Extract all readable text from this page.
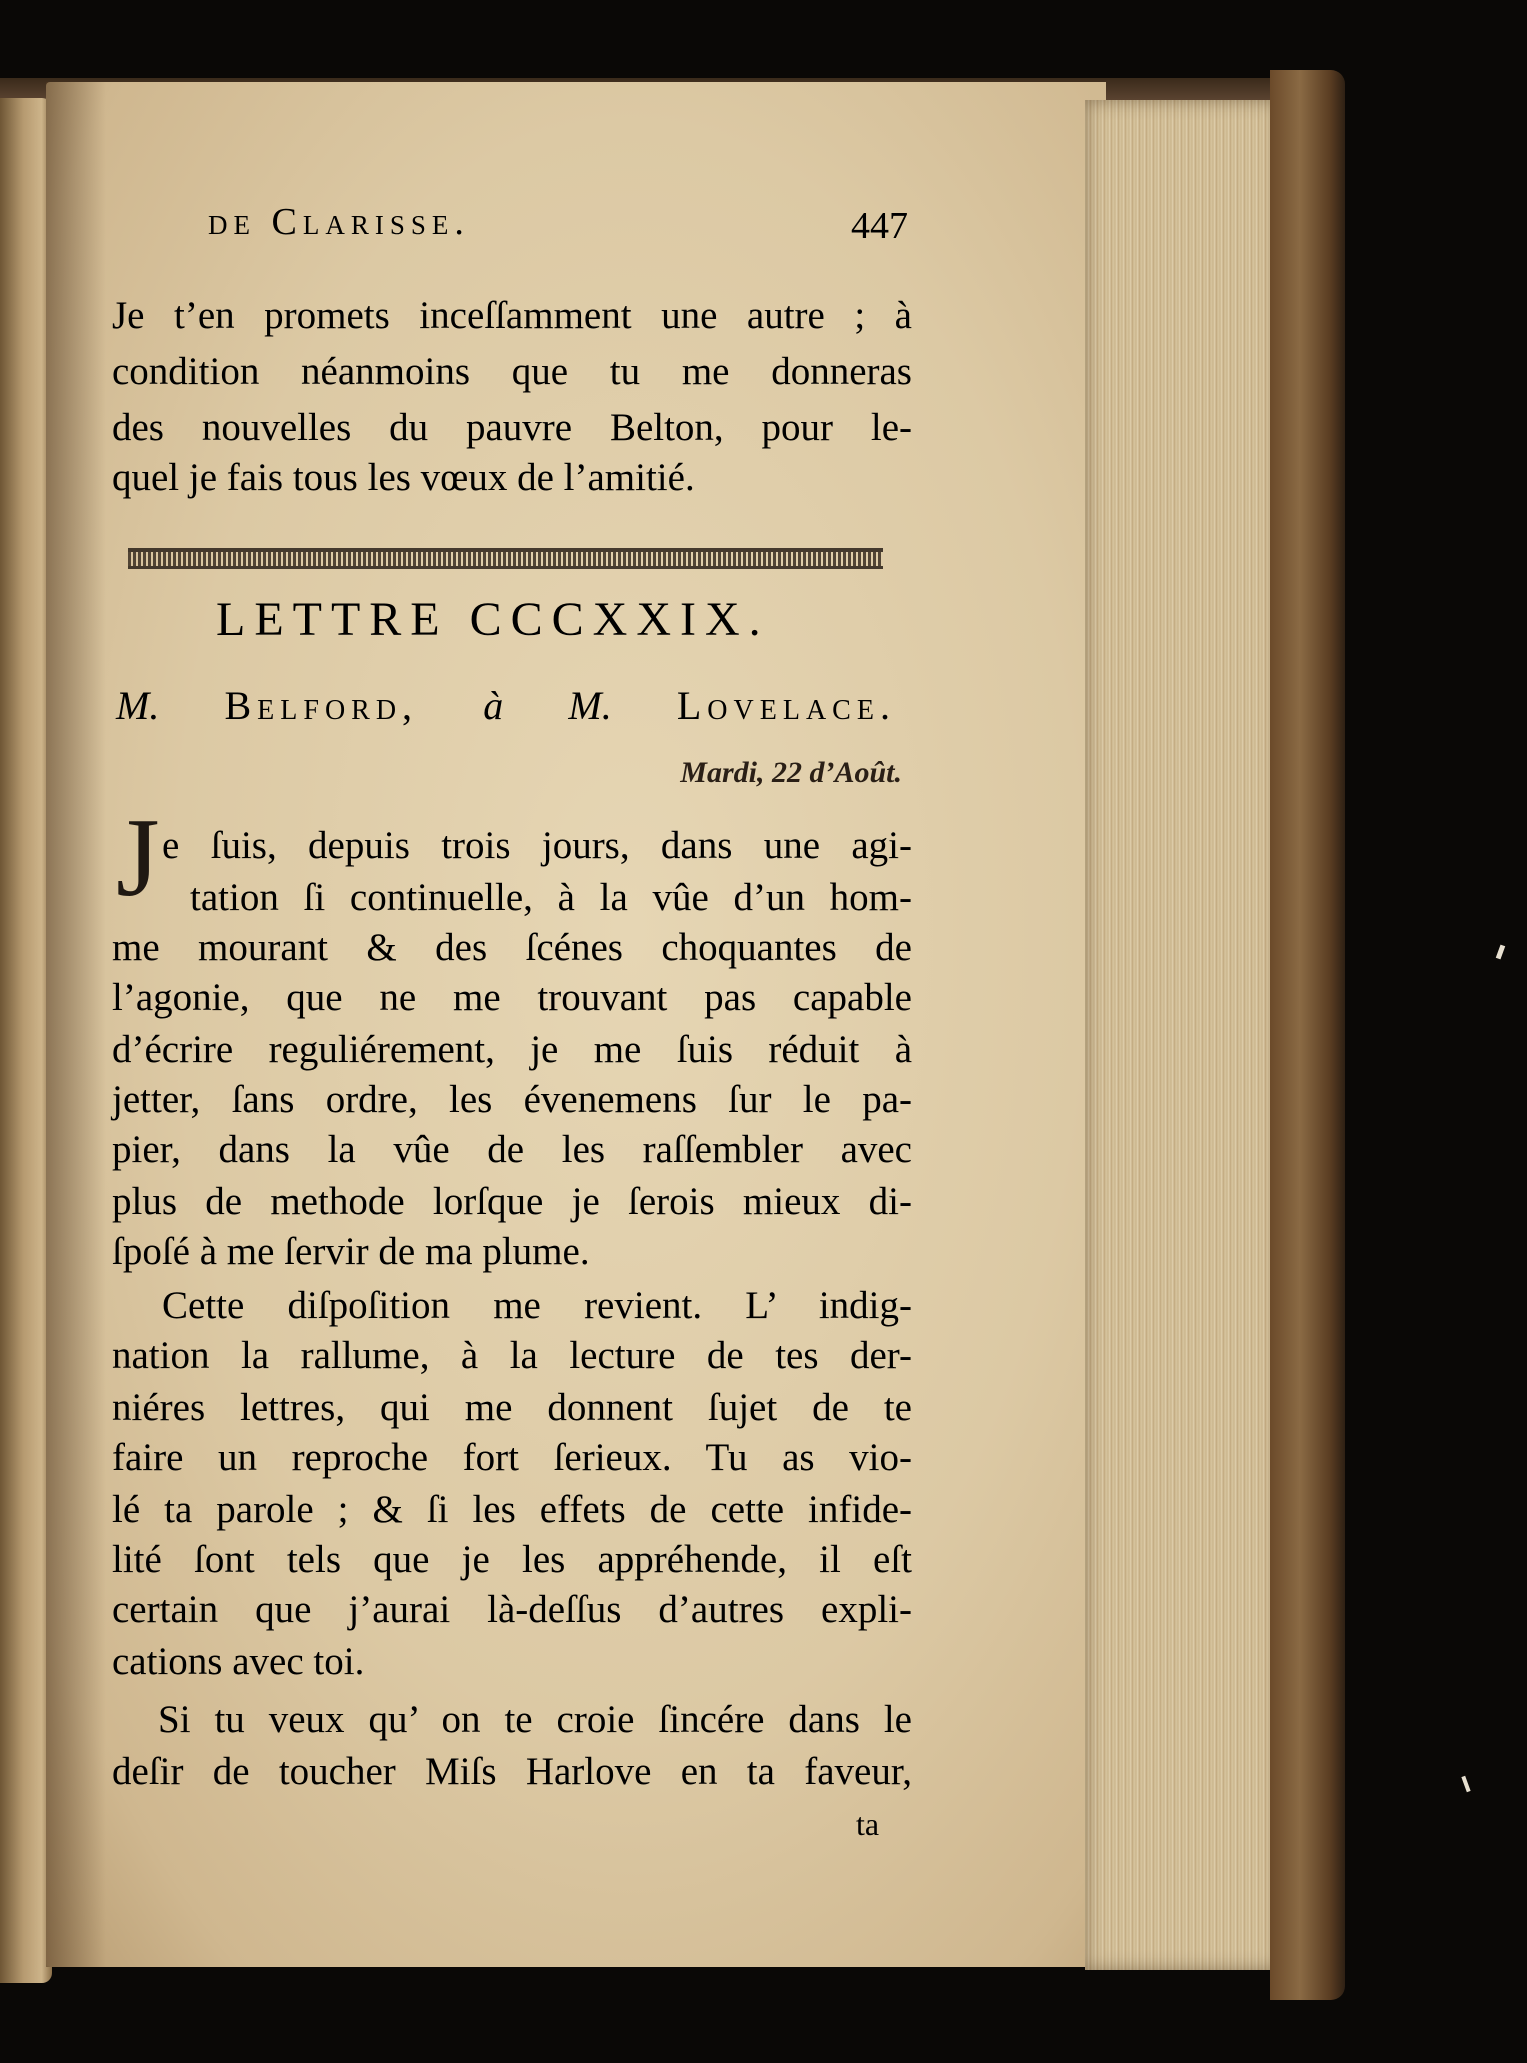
de Clarisse.	447
Je t’en promets inceſſamment une autre ; à
condition néanmoins que tu me donneras
des nouvelles du pauvre Belton, pour le-
quel je fais tous les vœux de l’amitié.
LETTRE CCCXXIX.
M. Belford, à M. Lovelace.
Mardi, 22 d’Août.
J e ſuis, depuis trois jours, dans une agi-
tation ſi continuelle, à la vûe d’un hom-
me mourant & des ſcénes choquantes de
l’agonie, que ne me trouvant pas capable
d’écrire reguliérement, je me ſuis réduit à
jetter, ſans ordre, les évenemens ſur le pa-
pier, dans la vûe de les raſſembler avec
plus de methode lorſque je ſerois mieux di-
ſpoſé à me ſervir de ma plume.
Cette diſpoſition me revient. L’ indig-
nation la rallume, à la lecture de tes der-
niéres lettres, qui me donnent ſujet de te
faire un reproche fort ſerieux. Tu as vio-
lé ta parole ; & ſi les effets de cette infide-
lité ſont tels que je les appréhende, il eſt
certain que j’aurai là-deſſus d’autres expli-
cations avec toi.
Si tu veux qu’ on te croie ſincére dans le
deſir de toucher Miſs Harlove en ta faveur,
ta
